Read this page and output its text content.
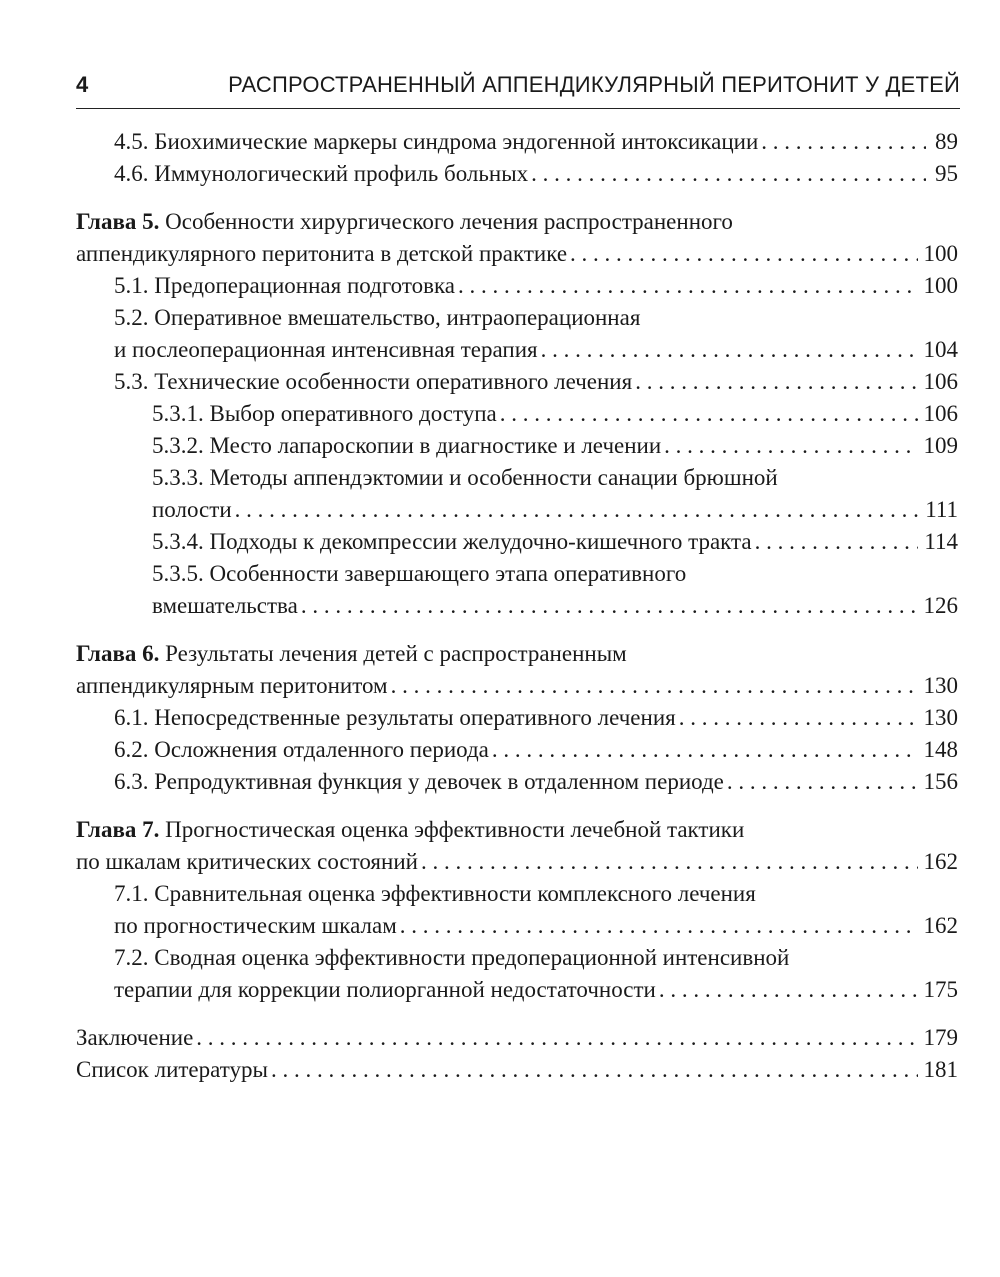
4	РАСПРОСТРАНЕННЫЙ АППЕНДИКУЛЯРНЫЙ ПЕРИТОНИТ У ДЕТЕЙ
4.5. Биохимические маркеры синдрома эндогенной интоксикации . . .	89
4.6. Иммунологический профиль больных . . .	95
Глава 5. Особенности хирургического лечения распространенного
аппендикулярного перитонита в детской практике . . .	100
5.1. Предоперационная подготовка . . .	100
5.2. Оперативное вмешательство, интраоперационная
и послеоперационная интенсивная терапия . . .	104
5.3. Технические особенности оперативного лечения . . .	106
5.3.1. Выбор оперативного доступа . . .	106
5.3.2. Место лапароскопии в диагностике и лечении . . .	109
5.3.3. Методы аппендэктомии и особенности санации брюшной
полости . . .	111
5.3.4. Подходы к декомпрессии желудочно-кишечного тракта . . .	114
5.3.5. Особенности завершающего этапа оперативного
вмешательства . . .	126
Глава 6. Результаты лечения детей с распространенным
аппендикулярным перитонитом . . .	130
6.1. Непосредственные результаты оперативного лечения . . .	130
6.2. Осложнения отдаленного периода . . .	148
6.3. Репродуктивная функция у девочек в отдаленном периоде . . .	156
Глава 7. Прогностическая оценка эффективности лечебной тактики
по шкалам критических состояний . . .	162
7.1. Сравнительная оценка эффективности комплексного лечения
по прогностическим шкалам . . .	162
7.2. Сводная оценка эффективности предоперационной интенсивной
терапии для коррекции полиорганной недостаточности . . .	175
Заключение . . .	179
Список литературы . . .	181
